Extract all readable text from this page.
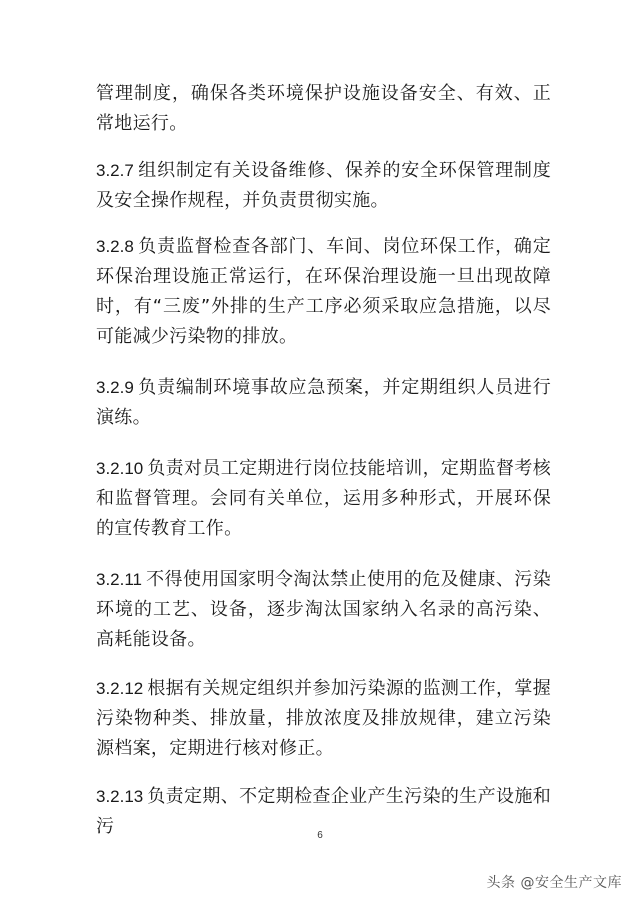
管理制度，确保各类环境保护设施设备安全、有效、正常地运行。

3.2.7 组织制定有关设备维修、保养的安全环保管理制度及安全操作规程，并负责贯彻实施。

3.2.8 负责监督检查各部门、车间、岗位环保工作，确定环保治理设施正常运行，在环保治理设施一旦出现故障时，有“三废”外排的生产工序必须采取应急措施，以尽可能减少污染物的排放。

3.2.9 负责编制环境事故应急预案，并定期组织人员进行演练。

3.2.10 负责对员工定期进行岗位技能培训，定期监督考核和监督管理。会同有关单位，运用多种形式，开展环保的宣传教育工作。

3.2.11 不得使用国家明令淘汰禁止使用的危及健康、污染环境的工艺、设备，逐步淘汰国家纳入名录的高污染、高耗能设备。

3.2.12 根据有关规定组织并参加污染源的监测工作，掌握污染物种类、排放量，排放浓度及排放规律，建立污染源档案，定期进行核对修正。

3.2.13 负责定期、不定期检查企业产生污染的生产设施和污	6
头条 @安全生产文库
